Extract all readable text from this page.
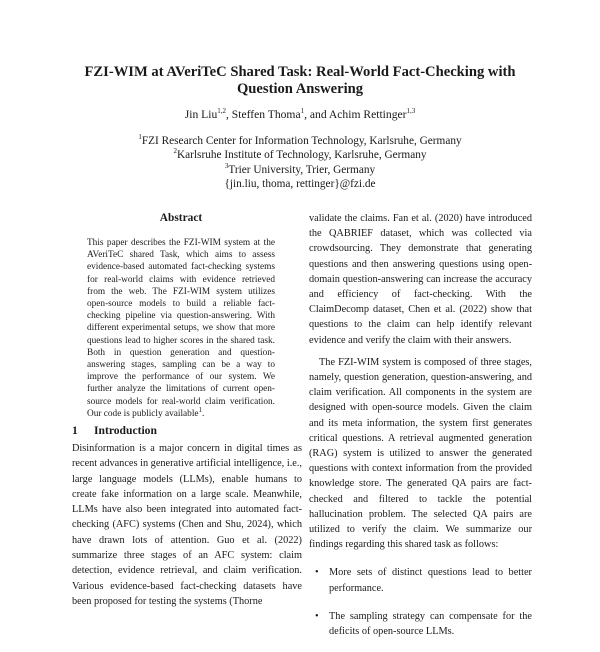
FZI-WIM at AVeriTeC Shared Task: Real-World Fact-Checking with
Question Answering
Jin Liu$^{1,2}$, Steffen Thoma$^1$, and Achim Rettinger$^{1,3}$
$^1$FZI Research Center for Information Technology, Karlsruhe, Germany
$^2$Karlsruhe Institute of Technology, Karlsruhe, Germany
$^3$Trier University, Trier, Germany
{jin.liu, thoma, rettinger}@fzi.de
Abstract

This paper describes the FZI-WIM system at the AVeriTeC shared Task, which aims to assess evidence-based automated fact-checking systems for real-world claims with evidence retrieved from the web. The FZI-WIM system utilizes open-source models to build a reliable fact-checking pipeline via question-answering. With different experimental setups, we show that more questions lead to higher scores in the shared task. Both in question generation and question-answering stages, sampling can be a way to improve the performance of our system. We further analyze the limitations of current open-source models for real-world claim verification. Our code is publicly available$^1$.

1 Introduction

Disinformation is a major concern in digital times as recent advances in generative artificial intelligence, i.e., large language models (LLMs), enable humans to create fake information on a large scale. Meanwhile, LLMs have also been integrated into automated fact-checking (AFC) systems (Chen and Shu, 2024), which have drawn lots of attention. Guo et al. (2022) summarize three stages of an AFC system: claim detection, evidence retrieval, and claim verification. Various evidence-based fact-checking datasets have been proposed for testing the systems (Thorne

validate the claims. Fan et al. (2020) have introduced the QABRIEF dataset, which was collected via crowdsourcing. They demonstrate that generating questions and then answering questions using open-domain question-answering can increase the accuracy and efficiency of fact-checking. With the ClaimDecomp dataset, Chen et al. (2022) show that questions to the claim can help identify relevant evidence and verify the claim with their answers.

The FZI-WIM system is composed of three stages, namely, question generation, question-answering, and claim verification. All components in the system are designed with open-source models. Given the claim and its meta information, the system first generates critical questions. A retrieval augmented generation (RAG) system is utilized to answer the generated questions with context information from the provided knowledge store. The generated QA pairs are fact-checked and filtered to tackle the potential hallucination problem. The selected QA pairs are utilized to verify the claim. We summarize our findings regarding this shared task as follows:

• More sets of distinct questions lead to better performance.
• The sampling strategy can compensate for the deficits of open-source LLMs.
